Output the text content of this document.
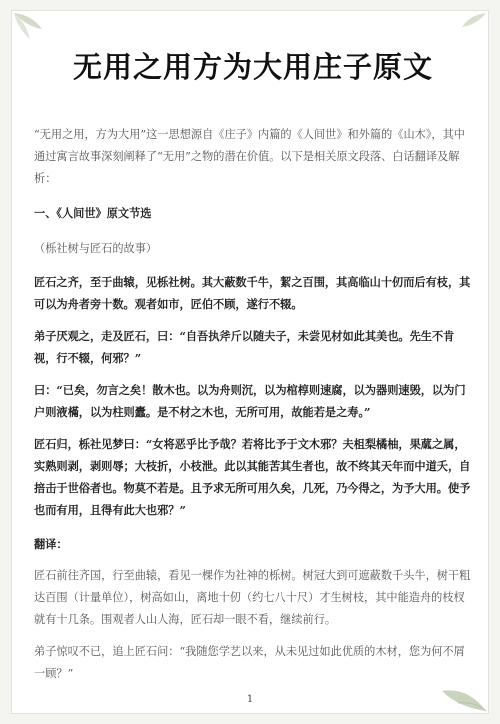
无用之用方为大用庄子原文

“无用之用，方为大用”这一思想源自《庄子》内篇的《人间世》和外篇的《山木》，其中通过寓言故事深刻阐释了“无用”之物的潜在价值。以下是相关原文段落、白话翻译及解析：

一、《人间世》原文节选

（栎社树与匠石的故事）

匠石之齐，至于曲辕，见栎社树。其大蔽数千牛，絜之百围，其高临山十仞而后有枝，其可以为舟者旁十数。观者如市，匠伯不顾，遂行不辍。

弟子厌观之，走及匠石，曰：“自吾执斧斤以随夫子，未尝见材如此其美也。先生不肯视，行不辍，何邪？”

曰：“已矣，勿言之矣！散木也。以为舟则沉，以为棺椁则速腐，以为器则速毁，以为门户则液樠，以为柱则蠹。是不材之木也，无所可用，故能若是之寿。”

匠石归，栎社见梦曰：“女将恶乎比予哉？若将比予于文木邪？夫柤梨橘柚，果蓏之属，实熟则剥，剥则辱；大枝折，小枝泄。此以其能苦其生者也，故不终其天年而中道夭，自掊击于世俗者也。物莫不若是。且予求无所可用久矣，几死，乃今得之，为予大用。使予也而有用，且得有此大也邪？”

翻译：

匠石前往齐国，行至曲辕，看见一棵作为社神的栎树。树冠大到可遮蔽数千头牛，树干粗达百围（计量单位），树高如山，离地十仞（约七八十尺）才生树枝，其中能造舟的枝杈就有十几条。围观者人山人海，匠石却一眼不看，继续前行。

弟子惊叹不已，追上匠石问：“我随您学艺以来，从未见过如此优质的木材，您为何不屑一顾？”

1
